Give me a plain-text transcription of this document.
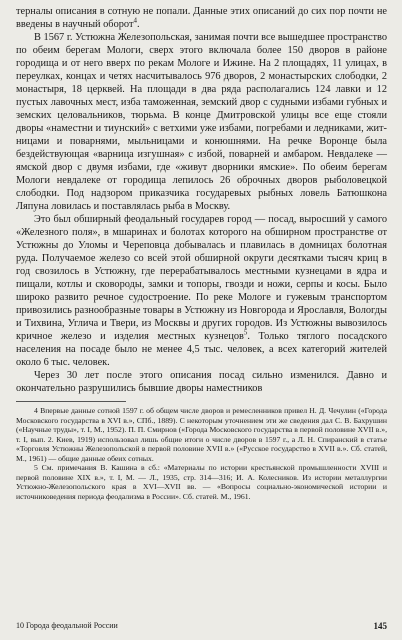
терналы описания в сотную не попали. Данные этих описаний до сих пор почти не введены в научный оборот$^4$.

В 1567 г. Устюжна Железопольская, занимая почти все вышедшее пространство по обеим берегам Мологи, сверх этого включала более 150 дворов в районе городища и от него вверх по рекам Мологе и Ижине. На 2 площадях, 11 улицах, в переулках, концах и четях насчитывалось 976 дворов, 2 монастырских слободки, 2 монастыря, 18 церквей. На площади в два ряда располагались 124 лавки и 12 пустых лавочных мест, изба таможенная, земский двор с судными избами губных и земских целовальников, тюрьма. В конце Дмитровской улицы все еще стояли дворы «наместни и тиунский» с ветхими уже избами, погребами и ледниками, житницами и поварнями, мыльницами и конюшнями. На речке Воронце была бездействующая «варница изгушная» с избой, поварней и амбаром. Невдалеке — ямской двор с двумя избами, где «живут дворники ямские». По обеим берегам Мологи невдалеке от городища лепилось 26 оброчных дворов рыболовецкой слободки. Под надзором приказчика государевых рыбных ловель Батюшкона Ляпуна ловилась и поставлялась рыба в Москву.

Это был обширный феодальный государев город — посад, выросший у самого «Железного поля», в мшаринах и болотах которого на обширном пространстве от Устюжны до Уломы и Череповца добывалась и плавилась в домницах болотная руда. Получаемое железо со всей этой обширной округи десятками тысяч криц в год свозилось в Устюжну, где перерабатывалось местными кузнецами в ядра и пищали, котлы и сковороды, замки и топоры, гвозди и ножи, серпы и косы. Было широко развито речное судостроение. По реке Мологе и гужевым транспортом привозились разнообразные товары в Устюжну из Новгорода и Ярославля, Вологды и Тихвина, Углича и Твери, из Москвы и других городов. Из Устюжны вывозилось кричное железо и изделия местных кузнецов$^5$. Только тяглого посадского населения на посаде было не менее 4,5 тыс. человек, а всех категорий жителей около 6 тыс. человек.

Через 30 лет после этого описания посад сильно изменился. Давно и окончательно разрушились бывшие дворы наместников

4 Впервые данные сотной 1597 г. об общем числе дворов и ремесленников привел Н. Д. Чечулин («Города Московского государства в XVI в.», СПб., 1889). С некоторым уточнением эти же сведения дал С. В. Бахрушин («Научные труды», т. I, М., 1952). П. П. Смирнов («Города Московского государства в первой половине XVII в.», т. I, вып. 2. Киев, 1919) использовал лишь общие итоги о числе дворов в 1597 г., а Л. Н. Спиранский в статье «Торговля Устюжны Железопольской в первой половине XVII в.» («Русское государство в XVII в.». Сб. статей, М., 1961) — общие данные обеих сотных.

5 См. примечания В. Кашина в сб.: «Материалы по истории крестьянской промышленности XVIII и первой половине XIX в.», т. I, М. — Л., 1935, стр. 314—316; И. А. Колесников. Из истории металлургии Устюжно-Железопольского края в XVI—XVII вв. — «Вопросы социально-экономической истории и источниковедения периода феодализма в России». Сб. статей. М., 1961.

10 Города феодальной России	145
